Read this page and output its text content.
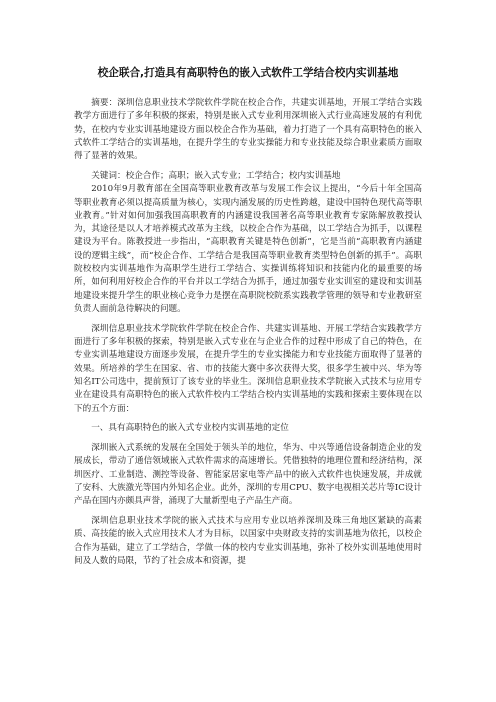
校企联合,打造具有高职特色的嵌入式软件工学结合校内实训基地

摘要：深圳信息职业技术学院软件学院在校企合作，共建实训基地，开展工学结合实践教学方面进行了多年积极的探索，特别是嵌入式专业利用深圳嵌入式行业高速发展的有利优势，在校内专业实训基地建设方面以校企合作为基础，着力打造了一个具有高职特色的嵌入式软件工学结合的实训基地，在提升学生的专业实操能力和专业技能及综合职业素质方面取得了显著的效果。

关键词：校企合作；高职；嵌入式专业；工学结合；校内实训基地

2010年9月教育部在全国高等职业教育改革与发展工作会议上提出，“今后十年全国高等职业教育必须以提高质量为核心，实现内涵发展的历史性跨越，建设中国特色现代高等职业教育。”针对如何加强我国高职教育的内涵建设我国著名高等职业教育专家陈解放教授认为，其途径是以人才培养模式改革为主线，以校企合作为基础，以工学结合为抓手，以课程建设为平台。陈教授进一步指出，“高职教育关键是特色创新”，它是当前“高职教育内涵建设的逻辑主线”，而“校企合作、工学结合是我国高等职业教育类型特色创新的抓手”。高职院校校内实训基地作为高职学生进行工学结合、实操训练将知识和技能内化的最重要的场所，如何利用好校企合作的平台并以工学结合为抓手，通过加强专业实训室的建设和实训基地建设来提升学生的职业核心竞争力是摆在高职院校院系实践教学管理的领导和专业教研室负责人面前急待解决的问题。

深圳信息职业技术学院软件学院在校企合作、共建实训基地、开展工学结合实践教学方面进行了多年积极的探索，特别是嵌入式专业在与企业合作的过程中形成了自己的特色，在专业实训基地建设方面逐步发展，在提升学生的专业实操能力和专业技能方面取得了显著的效果。所培养的学生在国家、省、市的技能大赛中多次获得大奖，很多学生被中兴、华为等知名IT公司选中，提前预订了该专业的毕业生。深圳信息职业技术学院嵌入式技术与应用专业在建设具有高职特色的嵌入式软件校内工学结合校内实训基地的实践和探索主要体现在以下的五个方面：

一、具有高职特色的嵌入式专业校内实训基地的定位

深圳嵌入式系统的发展在全国处于领头羊的地位，华为、中兴等通信设备制造企业的发展成长，带动了通信领域嵌入式软件需求的高速增长。凭借独特的地理位置和经济结构，深圳医疗、工业制造、测控等设备、智能家居家电等产品中的嵌入式软件也快速发展，并成就了安科、大族激光等国内外知名企业。此外，深圳的专用CPU、数字电视相关芯片等IC设计产品在国内亦颇具声誉，涌现了大量新型电子产品生产商。

深圳信息职业技术学院的嵌入式技术与应用专业以培养深圳及珠三角地区紧缺的高素质、高技能的嵌入式应用技术人才为目标，以国家中央财政支持的实训基地为依托，以校企合作为基础，建立了工学结合，学做一体的校内专业实训基地，弥补了校外实训基地使用时间及人数的局限，节约了社会成本和资源，提
